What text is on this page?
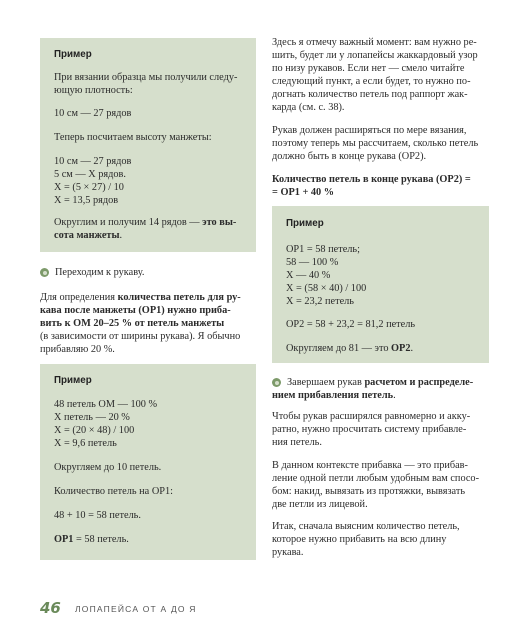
Пример
При вязании образца мы получили следу-
ющую плотность:
10 см — 27 рядов
Теперь посчитаем высоту манжеты:
10 см — 27 рядов
5 см — Х рядов.
Х = (5 × 27) / 10
Х = 13,5 рядов
Округлим и получим 14 рядов — это вы-
сота манжеты.
Переходим к рукаву.
Для определения количества петель для ру-
кава после манжеты (ОР1) нужно приба-
вить к ОМ 20–25 % от петель манжеты
(в зависимости от ширины рукава). Я обычно
прибавляю 20 %.
Пример
48 петель ОМ — 100 %
Х петель — 20 %
Х = (20 × 48) / 100
Х = 9,6 петель
Округляем до 10 петель.
Количество петель на ОР1:
48 + 10 = 58 петель.
ОР1 = 58 петель.
Здесь я отмечу важный момент: вам нужно ре-
шить, будет ли у лопапейсы жаккардовый узор
по низу рукавов. Если нет — смело читайте
следующий пункт, а если будет, то нужно по-
догнать количество петель под раппорт жак-
карда (см. с. 38).
Рукав должен расширяться по мере вязания,
поэтому теперь мы рассчитаем, сколько петель
должно быть в конце рукава (ОР2).
Количество петель в конце рукава (ОР2) =
= ОР1 + 40 %
Пример
ОР1 = 58 петель;
58 — 100 %
Х — 40 %
Х = (58 × 40) / 100
Х = 23,2 петель
ОР2 = 58 + 23,2 = 81,2 петель
Округляем до 81 — это ОР2.
Завершаем рукав расчетом и распределе-
нием прибавления петель.
Чтобы рукав расширялся равномерно и акку-
ратно, нужно просчитать систему прибавле-
ния петель.
В данном контексте прибавка — это прибав-
ление одной петли любым удобным вам спосо-
бом: накид, вывязать из протяжки, вывязать
две петли из лицевой.
Итак, сначала выясним количество петель,
которое нужно прибавить на всю длину
рукава.
46 ЛОПАПЕЙСА ОТ А ДО Я
